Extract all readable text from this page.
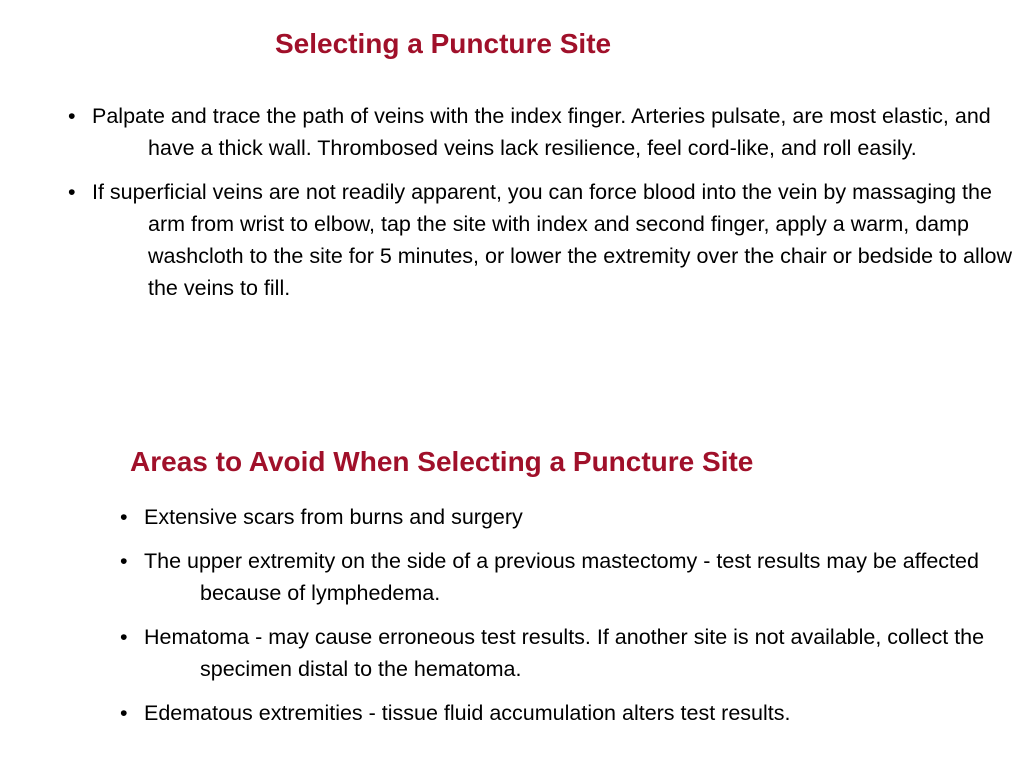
Selecting a Puncture Site
• Palpate and trace the path of veins with the index finger. Arteries pulsate, are most elastic, and have a thick wall. Thrombosed veins lack resilience, feel cord-like, and roll easily.
• If superficial veins are not readily apparent, you can force blood into the vein by massaging the arm from wrist to elbow, tap the site with index and second finger, apply a warm, damp washcloth to the site for 5 minutes, or lower the extremity over the chair or bedside to allow the veins to fill.
Areas to Avoid When Selecting a Puncture Site
• Extensive scars from burns and surgery
• The upper extremity on the side of a previous mastectomy - test results may be affected because of lymphedema.
• Hematoma - may cause erroneous test results. If another site is not available, collect the specimen distal to the hematoma.
• Edematous extremities - tissue fluid accumulation alters test results.
